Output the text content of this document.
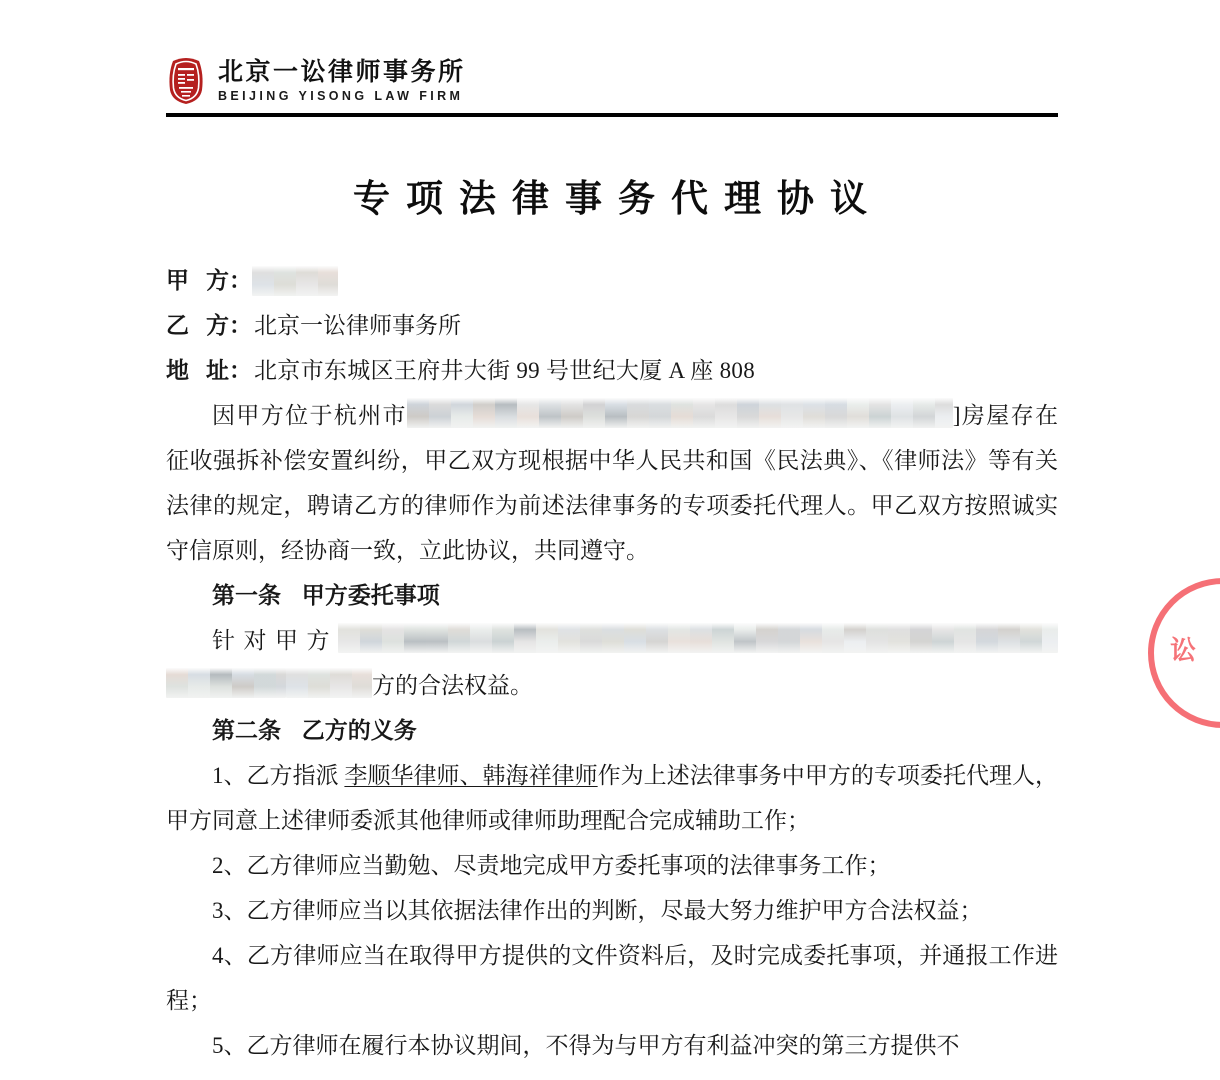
北京一讼律师事务所
BEIJING YISONG LAW FIRM
专项法律事务代理协议
甲 方：
乙 方： 北京一讼律师事务所
地 址： 北京市东城区王府井大街 99 号世纪大厦 A 座 808

因甲方位于杭州市	]房屋存在征收强拆补偿安置纠纷，甲乙双方现根据中华人民共和国《民法典》、《律师法》等有关法律的规定，聘请乙方的律师作为前述法律事务的专项委托代理人。甲乙双方按照诚实守信原则，经协商一致，立此协议，共同遵守。

第一条 甲方委托事项

针对甲方
方的合法权益。

第二条 乙方的义务

1、乙方指派 李顺华律师、韩海祥律师作为上述法律事务中甲方的专项委托代理人，甲方同意上述律师委派其他律师或律师助理配合完成辅助工作；

2、乙方律师应当勤勉、尽责地完成甲方委托事项的法律事务工作；

3、乙方律师应当以其依据法律作出的判断，尽最大努力维护甲方合法权益；

4、乙方律师应当在取得甲方提供的文件资料后，及时完成委托事项，并通报工作进程；

5、乙方律师在履行本协议期间，不得为与甲方有利益冲突的第三方提供不

讼
